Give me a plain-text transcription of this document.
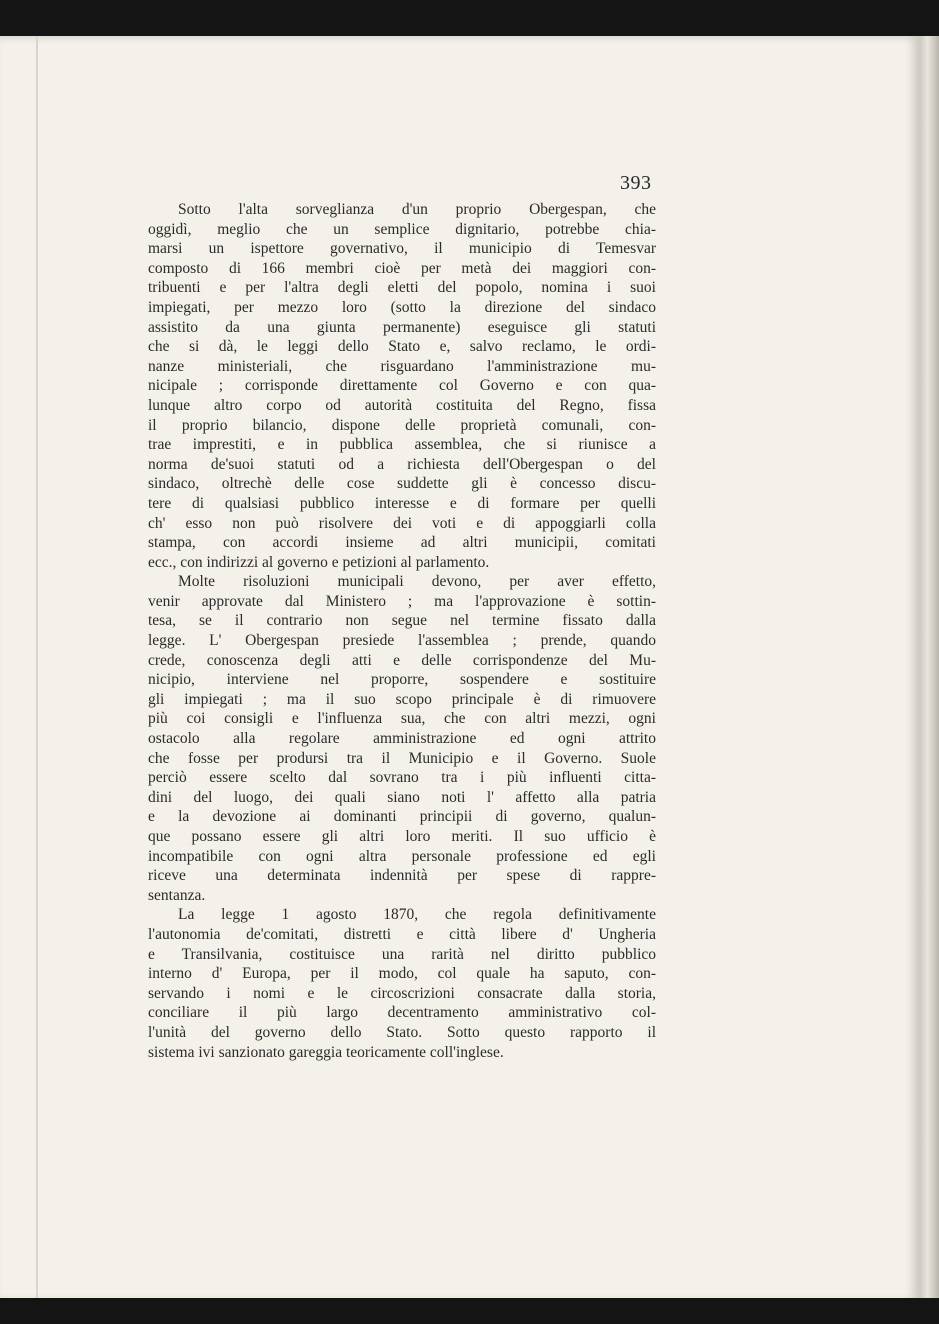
393
Sotto l'alta sorveglianza d'un proprio Obergespan, che
oggidì, meglio che un semplice dignitario, potrebbe chia-
marsi un ispettore governativo, il municipio di Temesvar
composto di 166 membri cioè per metà dei maggiori con-
tribuenti e per l'altra degli eletti del popolo, nomina i suoi
impiegati, per mezzo loro (sotto la direzione del sindaco
assistito da una giunta permanente) eseguisce gli statuti
che si dà, le leggi dello Stato e, salvo reclamo, le ordi-
nanze ministeriali, che risguardano l'amministrazione mu-
nicipale ; corrisponde direttamente col Governo e con qua-
lunque altro corpo od autorità costituita del Regno, fissa
il proprio bilancio, dispone delle proprietà comunali, con-
trae imprestiti, e in pubblica assemblea, che si riunisce a
norma de'suoi statuti od a richiesta dell'Obergespan o del
sindaco, oltrechè delle cose suddette gli è concesso discu-
tere di qualsiasi pubblico interesse e di formare per quelli
ch' esso non può risolvere dei voti e di appoggiarli colla
stampa, con accordi insieme ad altri municipii, comitati
ecc., con indirizzi al governo e petizioni al parlamento.
Molte risoluzioni municipali devono, per aver effetto,
venir approvate dal Ministero ; ma l'approvazione è sottin-
tesa, se il contrario non segue nel termine fissato dalla
legge. L' Obergespan presiede l'assemblea ; prende, quando
crede, conoscenza degli atti e delle corrispondenze del Mu-
nicipio, interviene nel proporre, sospendere e sostituire
gli impiegati ; ma il suo scopo principale è di rimuovere
più coi consigli e l'influenza sua, che con altri mezzi, ogni
ostacolo alla regolare amministrazione ed ogni attrito
che fosse per prodursi tra il Municipio e il Governo. Suole
perciò essere scelto dal sovrano tra i più influenti citta-
dini del luogo, dei quali siano noti l' affetto alla patria
e la devozione ai dominanti principii di governo, qualun-
que possano essere gli altri loro meriti. Il suo ufficio è
incompatibile con ogni altra personale professione ed egli
riceve una determinata indennità per spese di rappre-
sentanza.
La legge 1 agosto 1870, che regola definitivamente
l'autonomia de'comitati, distretti e città libere d' Ungheria
e Transilvania, costituisce una rarità nel diritto pubblico
interno d' Europa, per il modo, col quale ha saputo, con-
servando i nomi e le circoscrizioni consacrate dalla storia,
conciliare il più largo decentramento amministrativo col-
l'unità del governo dello Stato. Sotto questo rapporto il
sistema ivi sanzionato gareggia teoricamente coll'inglese.
